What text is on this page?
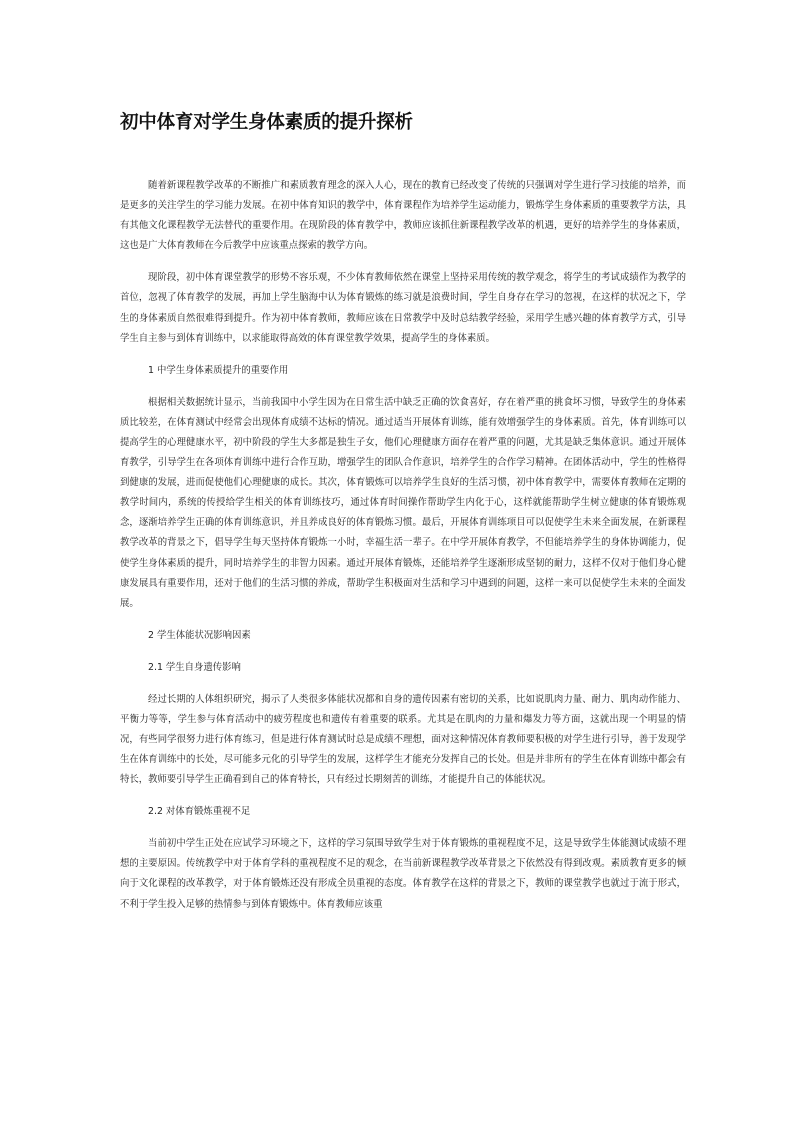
初中体育对学生身体素质的提升探析

随着新课程教学改革的不断推广和素质教育理念的深入人心，现在的教育已经改变了传统的只强调对学生进行学习技能的培养，而是更多的关注学生的学习能力发展。在初中体育知识的教学中，体育课程作为培养学生运动能力，锻炼学生身体素质的重要教学方法，具有其他文化课程教学无法替代的重要作用。在现阶段的体育教学中，教师应该抓住新课程教学改革的机遇，更好的培养学生的身体素质，这也是广大体育教师在今后教学中应该重点探索的教学方向。

现阶段，初中体育课堂教学的形势不容乐观，不少体育教师依然在课堂上坚持采用传统的教学观念，将学生的考试成绩作为教学的首位，忽视了体育教学的发展，再加上学生脑海中认为体育锻炼的练习就是浪费时间，学生自身存在学习的忽视，在这样的状况之下，学生的身体素质自然很难得到提升。作为初中体育教师，教师应该在日常教学中及时总结教学经验，采用学生感兴趣的体育教学方式，引导学生自主参与到体育训练中，以求能取得高效的体育课堂教学效果，提高学生的身体素质。

1 中学生身体素质提升的重要作用

根据相关数据统计显示，当前我国中小学生因为在日常生活中缺乏正确的饮食喜好，存在着严重的挑食坏习惯，导致学生的身体素质比较差，在体育测试中经常会出现体育成绩不达标的情况。通过适当开展体育训练，能有效增强学生的身体素质。首先，体育训练可以提高学生的心理健康水平，初中阶段的学生大多都是独生子女，他们心理健康方面存在着严重的问题，尤其是缺乏集体意识。通过开展体育教学，引导学生在各项体育训练中进行合作互助，增强学生的团队合作意识，培养学生的合作学习精神。在团体活动中，学生的性格得到健康的发展，进而促使他们心理健康的成长。其次，体育锻炼可以培养学生良好的生活习惯，初中体育教学中，需要体育教师在定期的教学时间内，系统的传授给学生相关的体育训练技巧，通过体育时间操作帮助学生内化于心，这样就能帮助学生树立健康的体育锻炼观念，逐渐培养学生正确的体育训练意识，并且养成良好的体育锻炼习惯。最后，开展体育训练项目可以促使学生未来全面发展，在新课程教学改革的背景之下，倡导学生每天坚持体育锻炼一小时，幸福生活一辈子。在中学开展体育教学，不但能培养学生的身体协调能力，促使学生身体素质的提升，同时培养学生的非智力因素。通过开展体育锻炼，还能培养学生逐渐形成坚韧的耐力，这样不仅对于他们身心健康发展具有重要作用，还对于他们的生活习惯的养成，帮助学生积极面对生活和学习中遇到的问题，这样一来可以促使学生未来的全面发展。

2 学生体能状况影响因素

2.1 学生自身遗传影响

经过长期的人体组织研究，揭示了人类很多体能状况都和自身的遗传因素有密切的关系，比如说肌肉力量、耐力、肌肉动作能力、平衡力等等，学生参与体育活动中的疲劳程度也和遗传有着重要的联系。尤其是在肌肉的力量和爆发力等方面，这就出现一个明显的情况，有些同学很努力进行体育练习，但是进行体育测试时总是成绩不理想，面对这种情况体育教师要积极的对学生进行引导，善于发现学生在体育训练中的长处，尽可能多元化的引导学生的发展，这样学生才能充分发挥自己的长处。但是并非所有的学生在体育训练中都会有特长，教师要引导学生正确看到自己的体育特长，只有经过长期刻苦的训练，才能提升自己的体能状况。

2.2 对体育锻炼重视不足

当前初中学生正处在应试学习环境之下，这样的学习氛围导致学生对于体育锻炼的重视程度不足，这是导致学生体能测试成绩不理想的主要原因。传统教学中对于体育学科的重视程度不足的观念，在当前新课程教学改革背景之下依然没有得到改观。素质教育更多的倾向于文化课程的改革教学，对于体育锻炼还没有形成全员重视的态度。体育教学在这样的背景之下，教师的课堂教学也就过于流于形式，不利于学生投入足够的热情参与到体育锻炼中。体育教师应该重
